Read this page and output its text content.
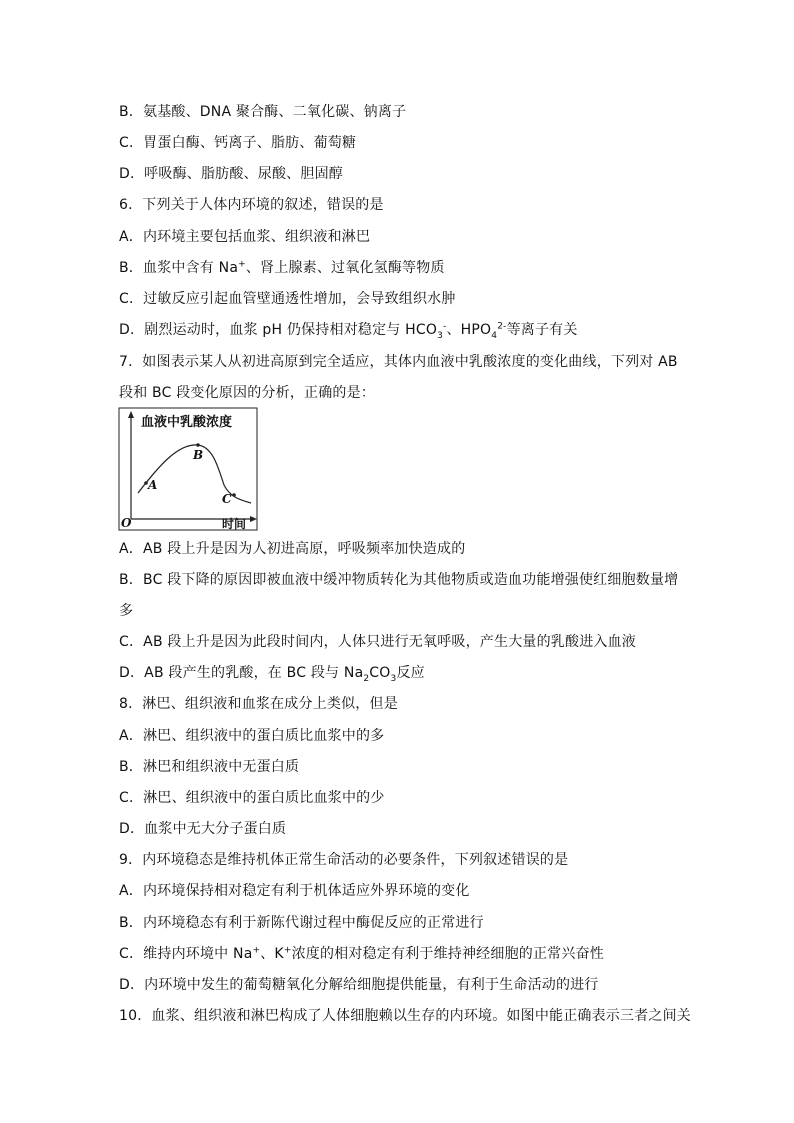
B．氨基酸、DNA 聚合酶、二氧化碳、钠离子
C．胃蛋白酶、钙离子、脂肪、葡萄糖
D．呼吸酶、脂肪酸、尿酸、胆固醇
6．下列关于人体内环境的叙述，错误的是
A．内环境主要包括血浆、组织液和淋巴
B．血浆中含有 Na+、肾上腺素、过氧化氢酶等物质
C．过敏反应引起血管壁通透性增加，会导致组织水肿
D．剧烈运动时，血浆 pH 仍保持相对稳定与 $HCO_3^-$、$HPO_4^{2-}$等离子有关
7．如图表示某人从初进高原到完全适应，其体内血液中乳酸浓度的变化曲线，下列对 AB
段和 BC 段变化原因的分析，正确的是：
血液中乳酸浓度
A
B
C
O	时间
A．AB 段上升是因为人初进高原，呼吸频率加快造成的
B．BC 段下降的原因即被血液中缓冲物质转化为其他物质或造血功能增强使红细胞数量增
多
C．AB 段上升是因为此段时间内，人体只进行无氧呼吸，产生大量的乳酸进入血液
D．AB 段产生的乳酸，在 BC 段与 $Na_2CO_3$反应
8．淋巴、组织液和血浆在成分上类似，但是
A．淋巴、组织液中的蛋白质比血浆中的多
B．淋巴和组织液中无蛋白质
C．淋巴、组织液中的蛋白质比血浆中的少
D．血浆中无大分子蛋白质
9．内环境稳态是维持机体正常生命活动的必要条件，下列叙述错误的是
A．内环境保持相对稳定有利于机体适应外界环境的变化
B．内环境稳态有利于新陈代谢过程中酶促反应的正常进行
C．维持内环境中 Na+、K+浓度的相对稳定有利于维持神经细胞的正常兴奋性
D．内环境中发生的葡萄糖氧化分解给细胞提供能量，有利于生命活动的进行
10．血浆、组织液和淋巴构成了人体细胞赖以生存的内环境。如图中能正确表示三者之间关
